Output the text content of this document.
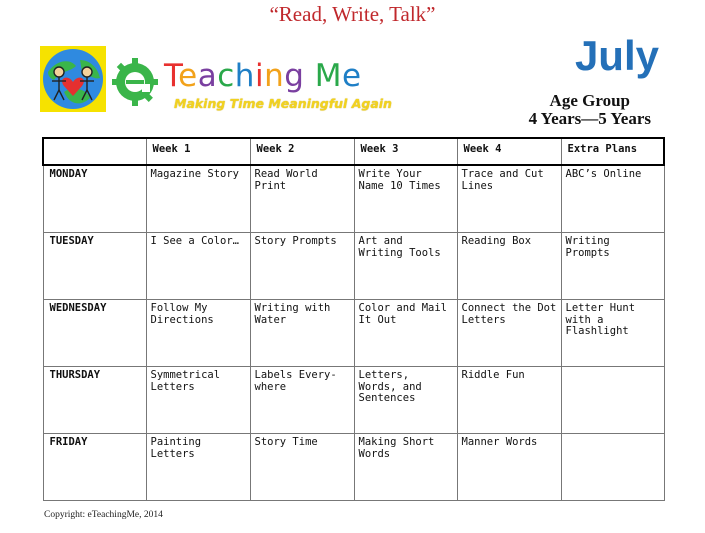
“Read, Write, Talk”
Teaching Me
Making Time Meaningful Again
July
Age Group
4 Years—5 Years
	Week 1	Week 2	Week 3	Week 4	Extra Plans
MONDAY	Magazine Story	Read World Print	Write Your Name 10 Times	Trace and Cut Lines	ABC’s Online
TUESDAY	I See a Color…	Story Prompts	Art and Writing Tools	Reading Box	Writing Prompts
WEDNESDAY	Follow My Directions	Writing with Water	Color and Mail It Out	Connect the Dot Letters	Letter Hunt with a Flashlight
THURSDAY	Symmetrical Letters	Labels Every-where	Letters, Words, and Sentences	Riddle Fun	
FRIDAY	Painting Letters	Story Time	Making Short Words	Manner Words	
Copyright: eTeachingMe, 2014
